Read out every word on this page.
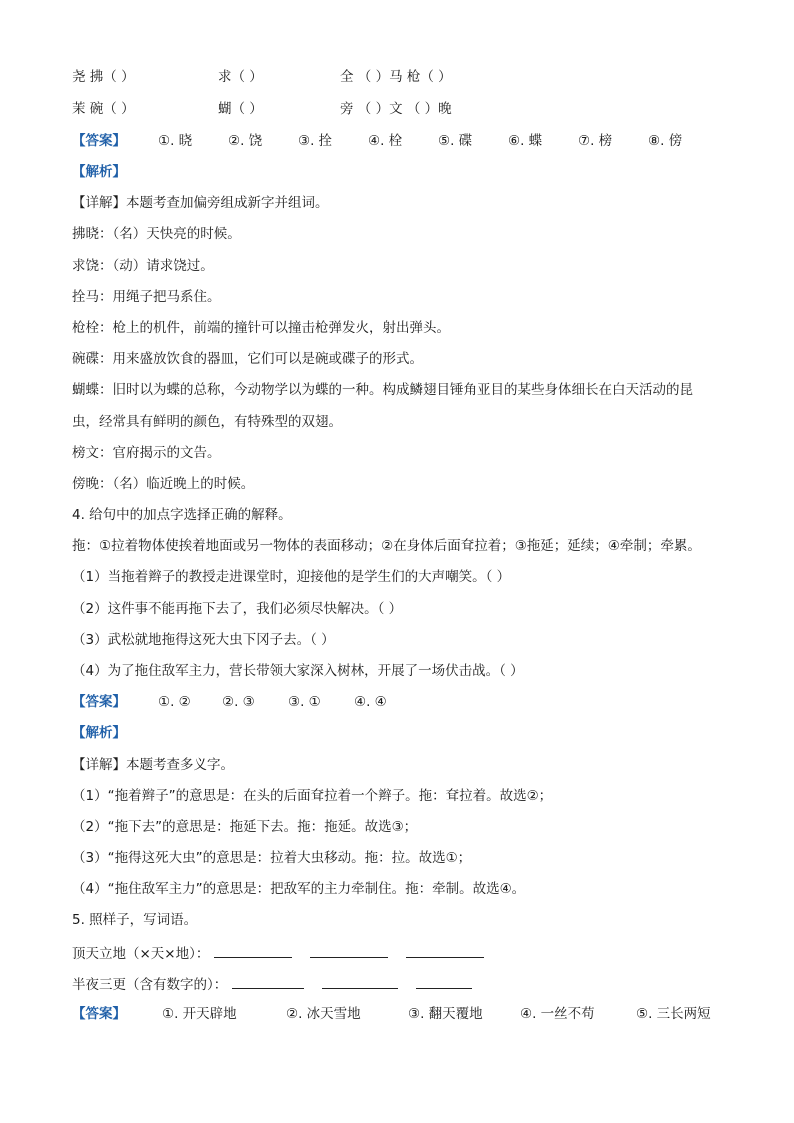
尧 拂（ ）	求（ ）	全 （ ）马 枪（ ）
茉 碗（ ）	蝴（ ）	旁 （ ）文 （ ）晚
【答案】 ①. 晓	②. 饶	③. 拴	④. 栓	⑤. 碟	⑥. 蝶	⑦. 榜	⑧. 傍
【解析】
【详解】本题考查加偏旁组成新字并组词。
拂晓：（名）天快亮的时候。
求饶：（动）请求饶过。
拴马：用绳子把马系住。
枪栓：枪上的机件，前端的撞针可以撞击枪弹发火，射出弹头。
碗碟：用来盛放饮食的器皿，它们可以是碗或碟子的形式。
蝴蝶：旧时以为蝶的总称，今动物学以为蝶的一种。构成鳞翅目锤角亚目的某些身体细长在白天活动的昆
虫，经常具有鲜明的颜色，有特殊型的双翅。
榜文：官府揭示的文告。
傍晚：（名）临近晚上的时候。
4. 给句中的加点字选择正确的解释。
拖：①拉着物体使挨着地面或另一物体的表面移动；②在身体后面耷拉着；③拖延；延续；④牵制；牵累。
（1）当拖着辫子的教授走进课堂时，迎接他的是学生们的大声嘲笑。（ ）
（2）这件事不能再拖下去了，我们必须尽快解决。（ ）
（3）武松就地拖得这死大虫下冈子去。（ ）
（4）为了拖住敌军主力，营长带领大家深入树林，开展了一场伏击战。（ ）
【答案】 ①. ② ②. ③ ③. ① ④. ④
【解析】
【详解】本题考查多义字。
（1）“拖着辫子”的意思是：在头的后面耷拉着一个辫子。拖：耷拉着。故选②；
（2）“拖下去”的意思是：拖延下去。拖：拖延。故选③；
（3）“拖得这死大虫”的意思是：拉着大虫移动。拖：拉。故选①；
（4）“拖住敌军主力”的意思是：把敌军的主力牵制住。拖：牵制。故选④。
5. 照样子，写词语。
顶天立地（×天×地）：
半夜三更（含有数字的）：
【答案】	①. 开天辟地	②. 冰天雪地	③. 翻天覆地	④. 一丝不苟	⑤. 三长两短
